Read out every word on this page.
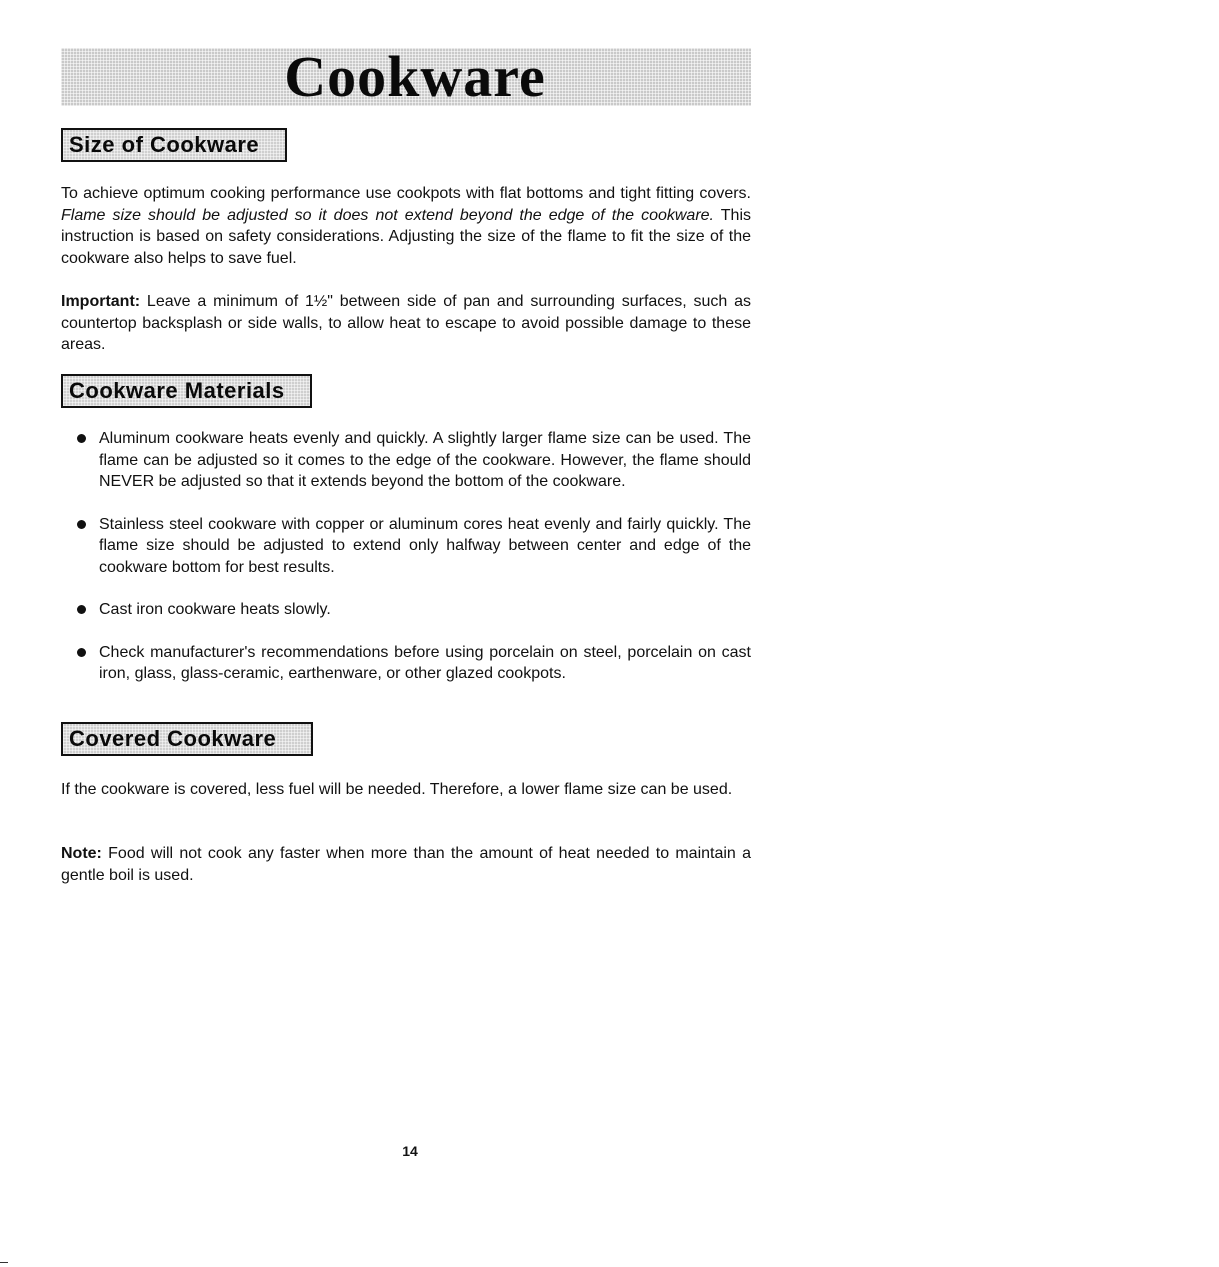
Cookware
Size of Cookware

To achieve optimum cooking performance use cookpots with flat bottoms and tight fitting covers. Flame size should be adjusted so it does not extend beyond the edge of the cookware. This instruction is based on safety considerations. Adjusting the size of the flame to fit the size of the cookware also helps to save fuel.

Important: Leave a minimum of 1½" between side of pan and surrounding surfaces, such as countertop backsplash or side walls, to allow heat to escape to avoid possible damage to these areas.

Cookware Materials
Aluminum cookware heats evenly and quickly. A slightly larger flame size can be used. The flame can be adjusted so it comes to the edge of the cookware. However, the flame should NEVER be adjusted so that it extends beyond the bottom of the cookware.
Stainless steel cookware with copper or aluminum cores heat evenly and fairly quickly. The flame size should be adjusted to extend only halfway between center and edge of the cookware bottom for best results.
Cast iron cookware heats slowly.
Check manufacturer's recommendations before using porcelain on steel, porcelain on cast iron, glass, glass-ceramic, earthenware, or other glazed cookpots.
Covered Cookware

If the cookware is covered, less fuel will be needed. Therefore, a lower flame size can be used.

Note: Food will not cook any faster when more than the amount of heat needed to maintain a gentle boil is used.

14
